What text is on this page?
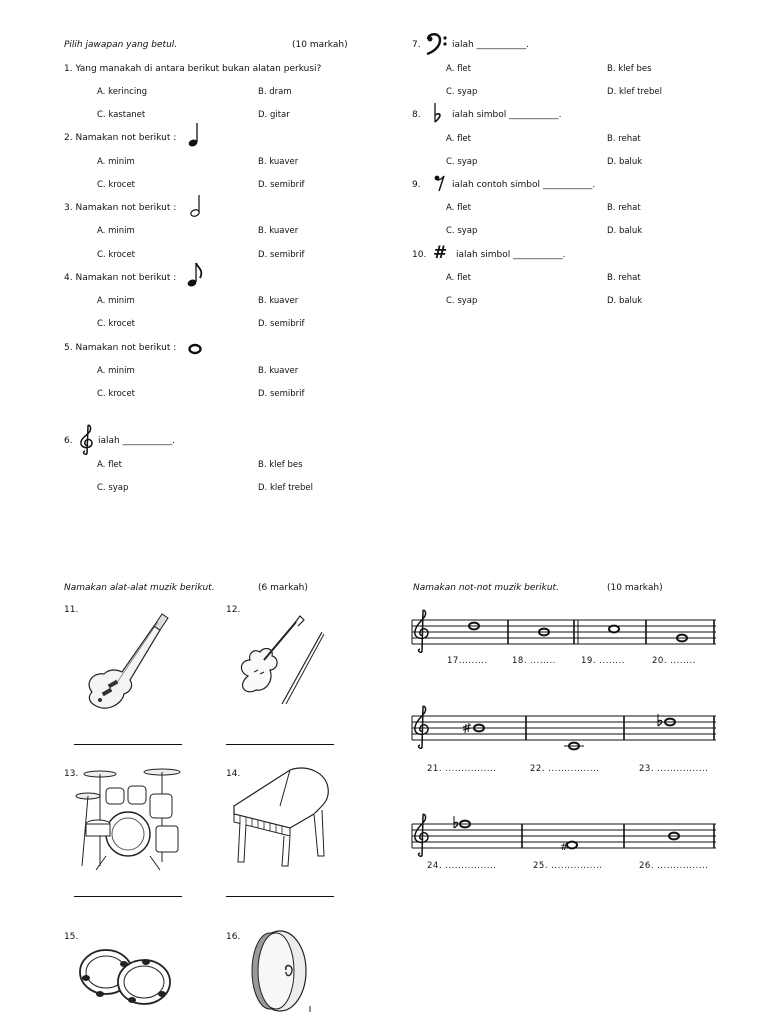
Pilih jawapan yang betul.	(10 markah)
1. Yang manakah di antara berikut bukan alatan perkusi?
A. kerincing	B. dram
C. kastanet	D. gitar
2. Namakan not berikut :
A. minim	B. kuaver
C. krocet	D. semibrif
3. Namakan not berikut :
A. minim	B. kuaver
C. krocet	D. semibrif
4. Namakan not berikut :
A. minim	B. kuaver
C. krocet	D. semibrif
5. Namakan not berikut :
A. minim	B. kuaver
C. krocet	D. semibrif
6.	ialah ___________.
A. flet	B. klef bes
C. syap	D. klef trebel
7.	ialah ___________.
A. flet	B. klef bes
C. syap	D. klef trebel
8.	ialah simbol ___________.
A. flet	B. rehat
C. syap	D. baluk
9.	ialah contoh simbol ___________.
A. flet	B. rehat
C. syap	D. baluk
10. # ialah simbol ___________.
A. flet	B. rehat
C. syap	D. baluk
Namakan alat-alat muzik berikut.	(6 markah)
11.	12.
13.	14.
15.	16.
Namakan not-not muzik berikut.	(10 markah)
17.........	18. ........	19. ........	20. ........
21. ................	22. ................	23. ................
#
24. ................	25. ................	26. ................
